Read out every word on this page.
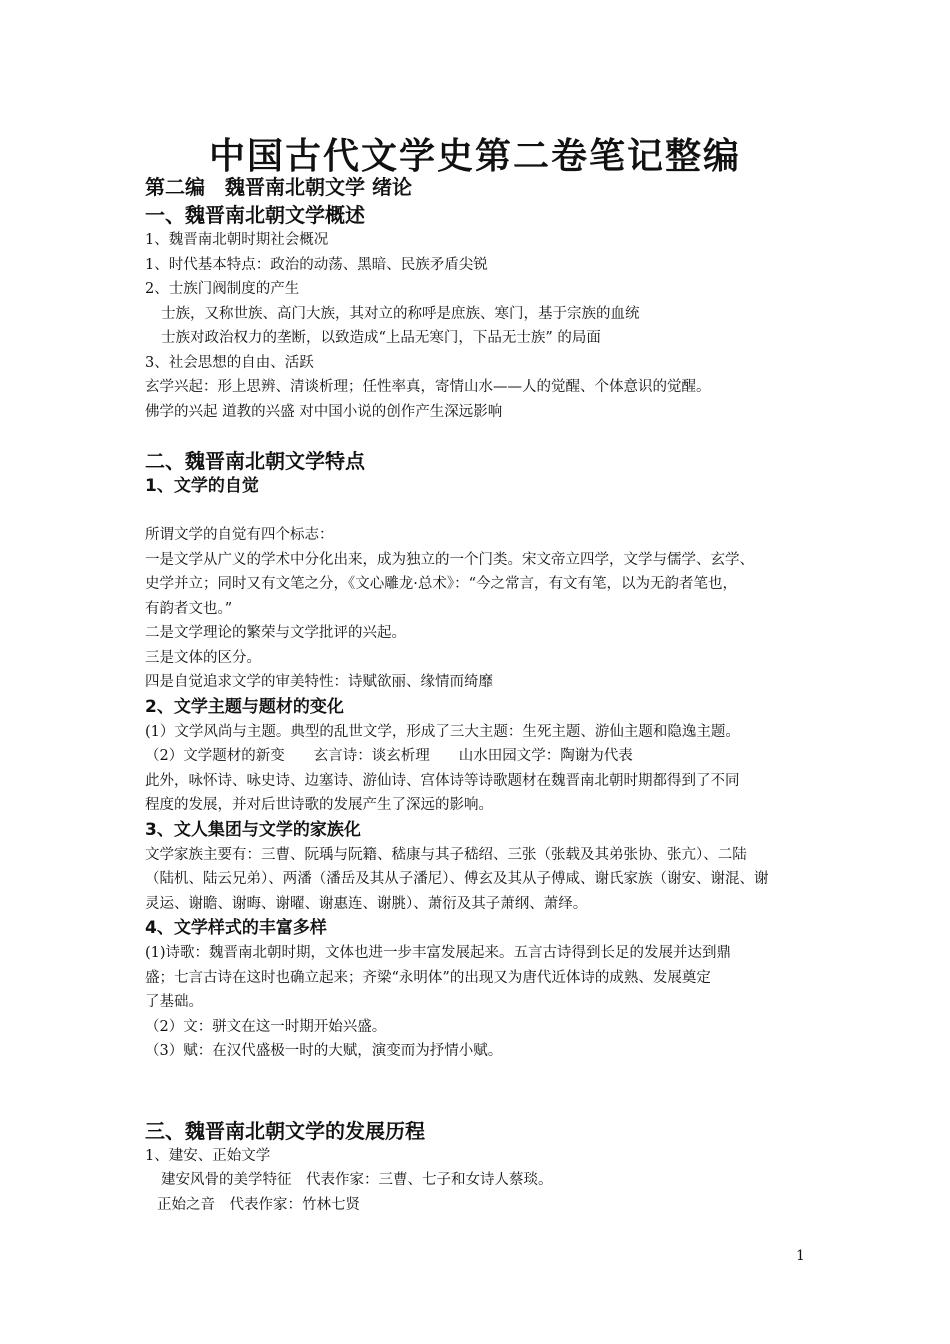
中国古代文学史第二卷笔记整编
第二编　魏晋南北朝文学 绪论
一、魏晋南北朝文学概述

1、魏晋南北朝时期社会概况

1、时代基本特点：政治的动荡、黑暗、民族矛盾尖锐

2、士族门阀制度的产生

士族，又称世族、高门大族，其对立的称呼是庶族、寒门，基于宗族的血统

士族对政治权力的垄断，以致造成“上品无寒门，下品无士族” 的局面

3、社会思想的自由、活跃

玄学兴起：形上思辨、清谈析理；任性率真，寄情山水——人的觉醒、个体意识的觉醒。

佛学的兴起 道教的兴盛 对中国小说的创作产生深远影响

二、魏晋南北朝文学特点
1、文学的自觉

所谓文学的自觉有四个标志：

一是文学从广义的学术中分化出来，成为独立的一个门类。宋文帝立四学，文学与儒学、玄学、

史学并立；同时又有文笔之分，《文心雕龙·总术》：“今之常言，有文有笔，以为无韵者笔也，

有韵者文也。”

二是文学理论的繁荣与文学批评的兴起。

三是文体的区分。

四是自觉追求文学的审美特性：诗赋欲丽、缘情而绮靡

2、文学主题与题材的变化

(1）文学风尚与主题。典型的乱世文学，形成了三大主题：生死主题、游仙主题和隐逸主题。

（2）文学题材的新变　　玄言诗：谈玄析理　　山水田园文学：陶谢为代表

此外，咏怀诗、咏史诗、边塞诗、游仙诗、宫体诗等诗歌题材在魏晋南北朝时期都得到了不同

程度的发展，并对后世诗歌的发展产生了深远的影响。

3、文人集团与文学的家族化

文学家族主要有：三曹、阮瑀与阮籍、嵇康与其子嵇绍、三张（张载及其弟张协、张亢）、二陆

（陆机、陆云兄弟）、两潘（潘岳及其从子潘尼）、傅玄及其从子傅咸、谢氏家族（谢安、谢混、谢

灵运、谢瞻、谢晦、谢曜、谢惠连、谢朓）、萧衍及其子萧纲、萧绎。

4、文学样式的丰富多样

(1)诗歌：魏晋南北朝时期，文体也进一步丰富发展起来。五言古诗得到长足的发展并达到鼎

盛；七言古诗在这时也确立起来；齐梁“永明体”的出现又为唐代近体诗的成熟、发展奠定

了基础。

（2）文：骈文在这一时期开始兴盛。

（3）赋：在汉代盛极一时的大赋，演变而为抒情小赋。

三、魏晋南北朝文学的发展历程

1、建安、正始文学

建安风骨的美学特征　代表作家：三曹、七子和女诗人蔡琰。

正始之音　代表作家：竹林七贤

1
